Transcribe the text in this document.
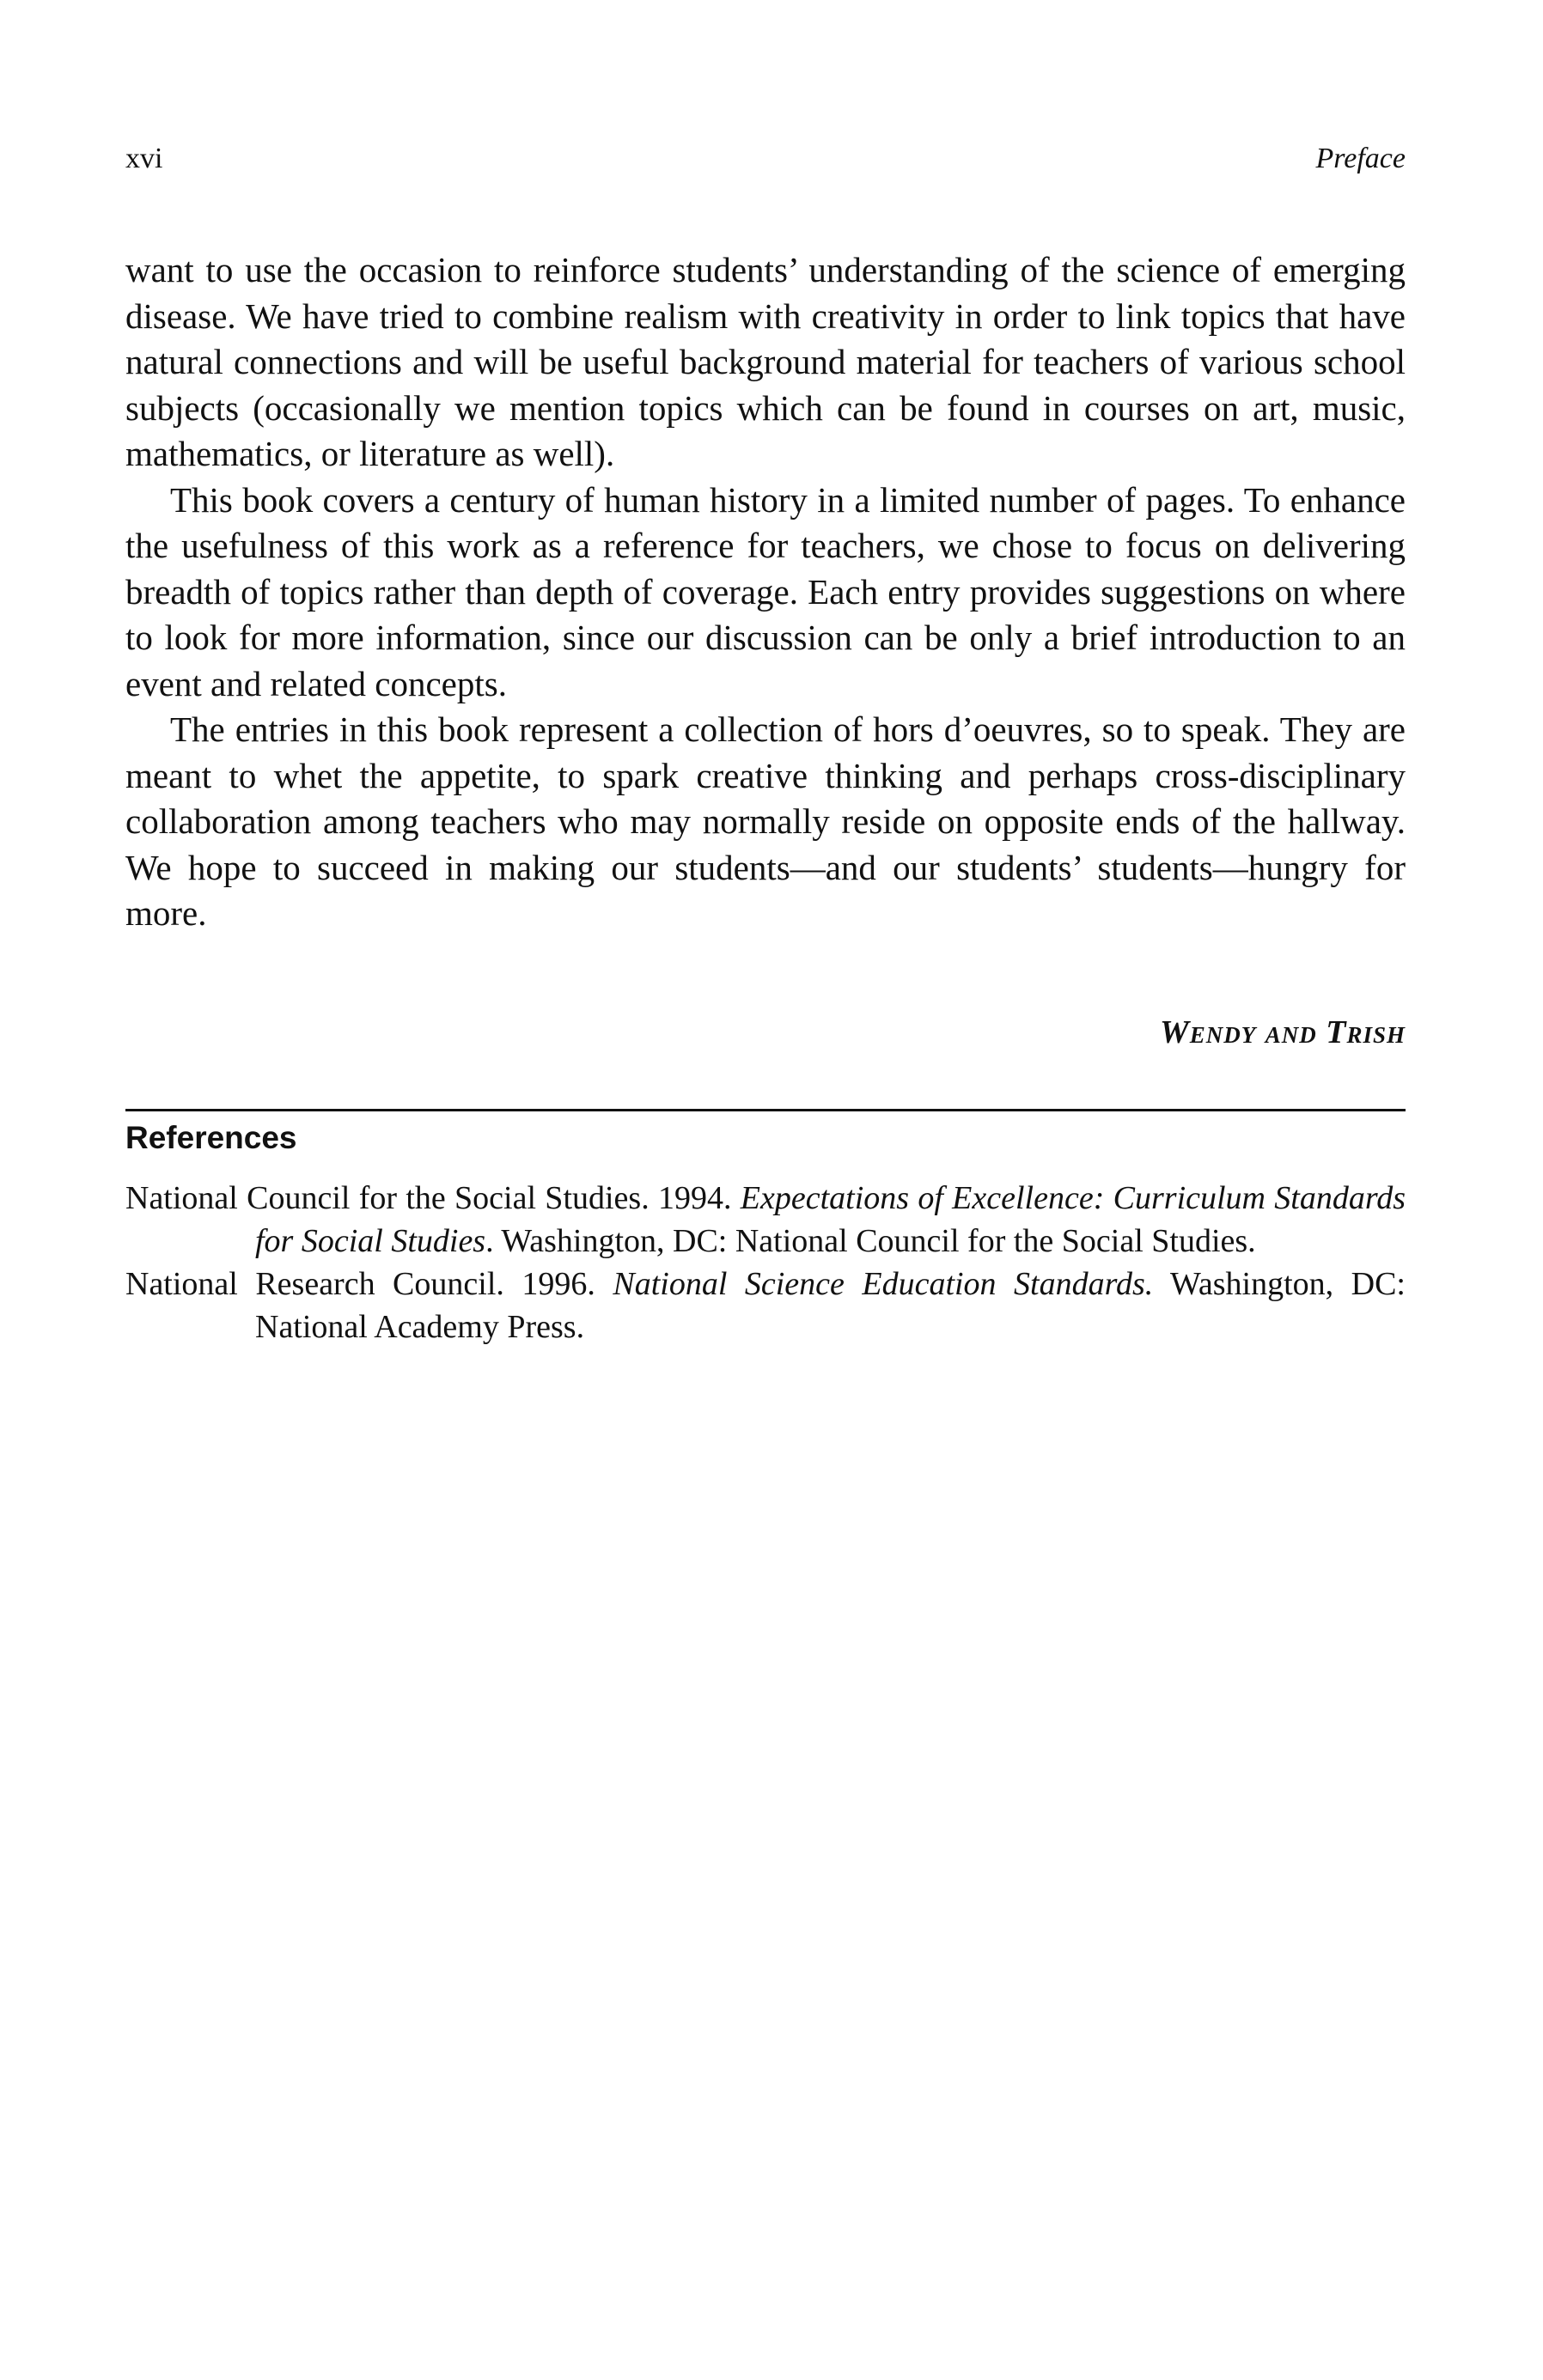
xvi	Preface

want to use the occasion to reinforce students’ understanding of the science of emerging disease. We have tried to combine realism with creativity in order to link topics that have natural connections and will be useful background material for teachers of various school subjects (occasionally we mention topics which can be found in courses on art, music, mathematics, or literature as well).

This book covers a century of human history in a limited number of pages. To enhance the usefulness of this work as a reference for teachers, we chose to focus on delivering breadth of topics rather than depth of coverage. Each entry provides suggestions on where to look for more information, since our discussion can be only a brief introduction to an event and related concepts.

The entries in this book represent a collection of hors d’oeuvres, so to speak. They are meant to whet the appetite, to spark creative thinking and perhaps cross-disciplinary collaboration among teachers who may normally reside on opposite ends of the hallway. We hope to succeed in making our students—and our students’ students—hungry for more.

Wendy and Trish
References

National Council for the Social Studies. 1994. Expectations of Excellence: Curriculum Standards for Social Studies. Washington, DC: National Council for the Social Studies.

National Research Council. 1996. National Science Education Standards. Washington, DC: National Academy Press.
